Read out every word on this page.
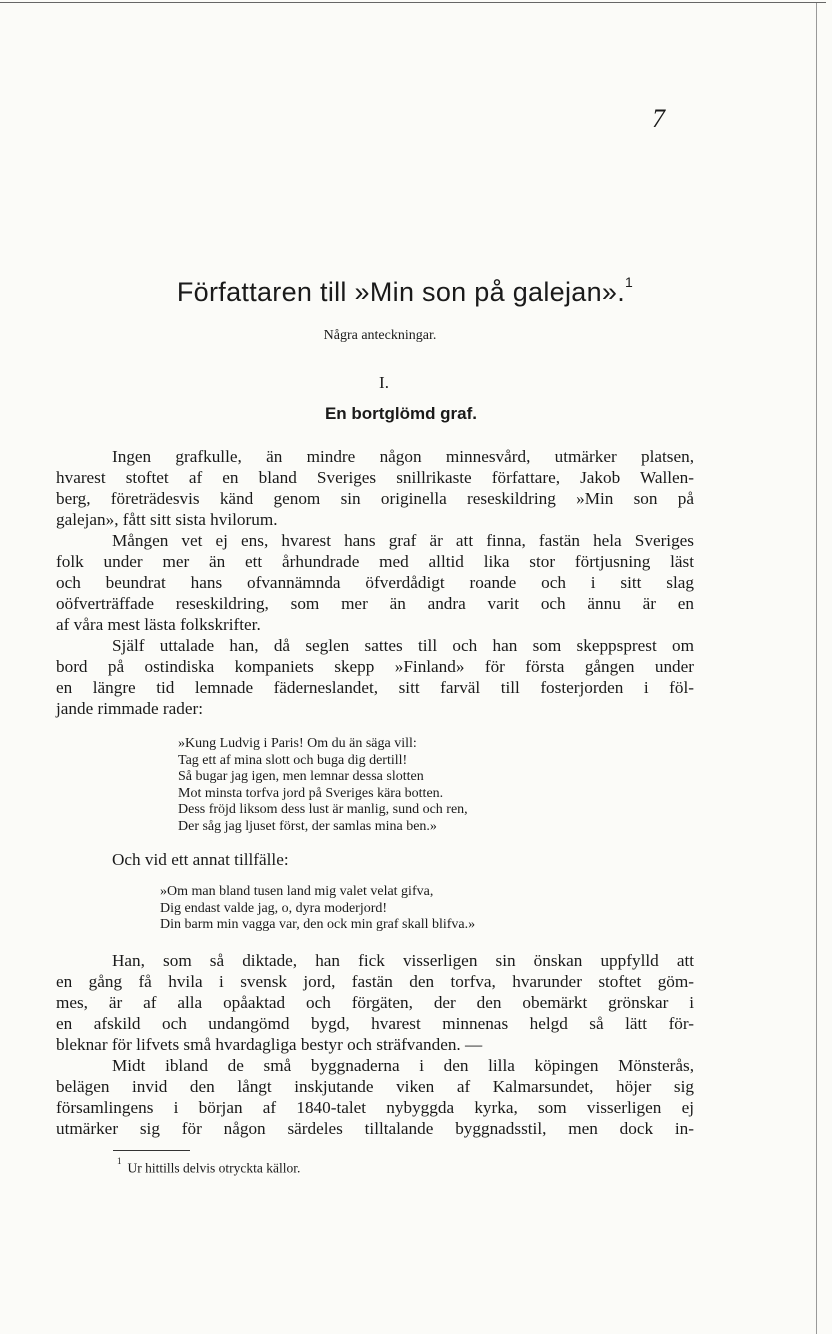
7
Författaren till »Min son på galejan».$^1$
Några anteckningar.
I.
En bortglömd graf.
Ingen grafkulle, än mindre någon minnesvård, utmärker platsen,
hvarest stoftet af en bland Sveriges snillrikaste författare, Jakob Wallen-
berg, företrädesvis känd genom sin originella reseskildring »Min son på
galejan», fått sitt sista hvilorum.
Mången vet ej ens, hvarest hans graf är att finna, fastän hela Sveriges
folk under mer än ett århundrade med alltid lika stor förtjusning läst
och beundrat hans ofvannämnda öfverdådigt roande och i sitt slag
oöfverträffade reseskildring, som mer än andra varit och ännu är en
af våra mest lästa folkskrifter.
Själf uttalade han, då seglen sattes till och han som skeppsprest om
bord på ostindiska kompaniets skepp »Finland» för första gången under
en längre tid lemnade fäderneslandet, sitt farväl till fosterjorden i föl-
jande rimmade rader:
»Kung Ludvig i Paris! Om du än säga vill:
Tag ett af mina slott och buga dig dertill!
Så bugar jag igen, men lemnar dessa slotten
Mot minsta torfva jord på Sveriges kära botten.
Dess fröjd liksom dess lust är manlig, sund och ren,
Der såg jag ljuset först, der samlas mina ben.»
Och vid ett annat tillfälle:
»Om man bland tusen land mig valet velat gifva,
Dig endast valde jag, o, dyra moderjord!
Din barm min vagga var, den ock min graf skall blifva.»
Han, som så diktade, han fick visserligen sin önskan uppfylld att
en gång få hvila i svensk jord, fastän den torfva, hvarunder stoftet göm-
mes, är af alla opåaktad och förgäten, der den obemärkt grönskar i
en afskild och undangömd bygd, hvarest minnenas helgd så lätt för-
bleknar för lifvets små hvardagliga bestyr och sträfvanden. —
Midt ibland de små byggnaderna i den lilla köpingen Mönsterås,
belägen invid den långt inskjutande viken af Kalmarsundet, höjer sig
församlingens i början af 1840-talet nybyggda kyrka, som visserligen ej
utmärker sig för någon särdeles tilltalande byggnadsstil, men dock in-
$^1$ Ur hittills delvis otryckta källor.
